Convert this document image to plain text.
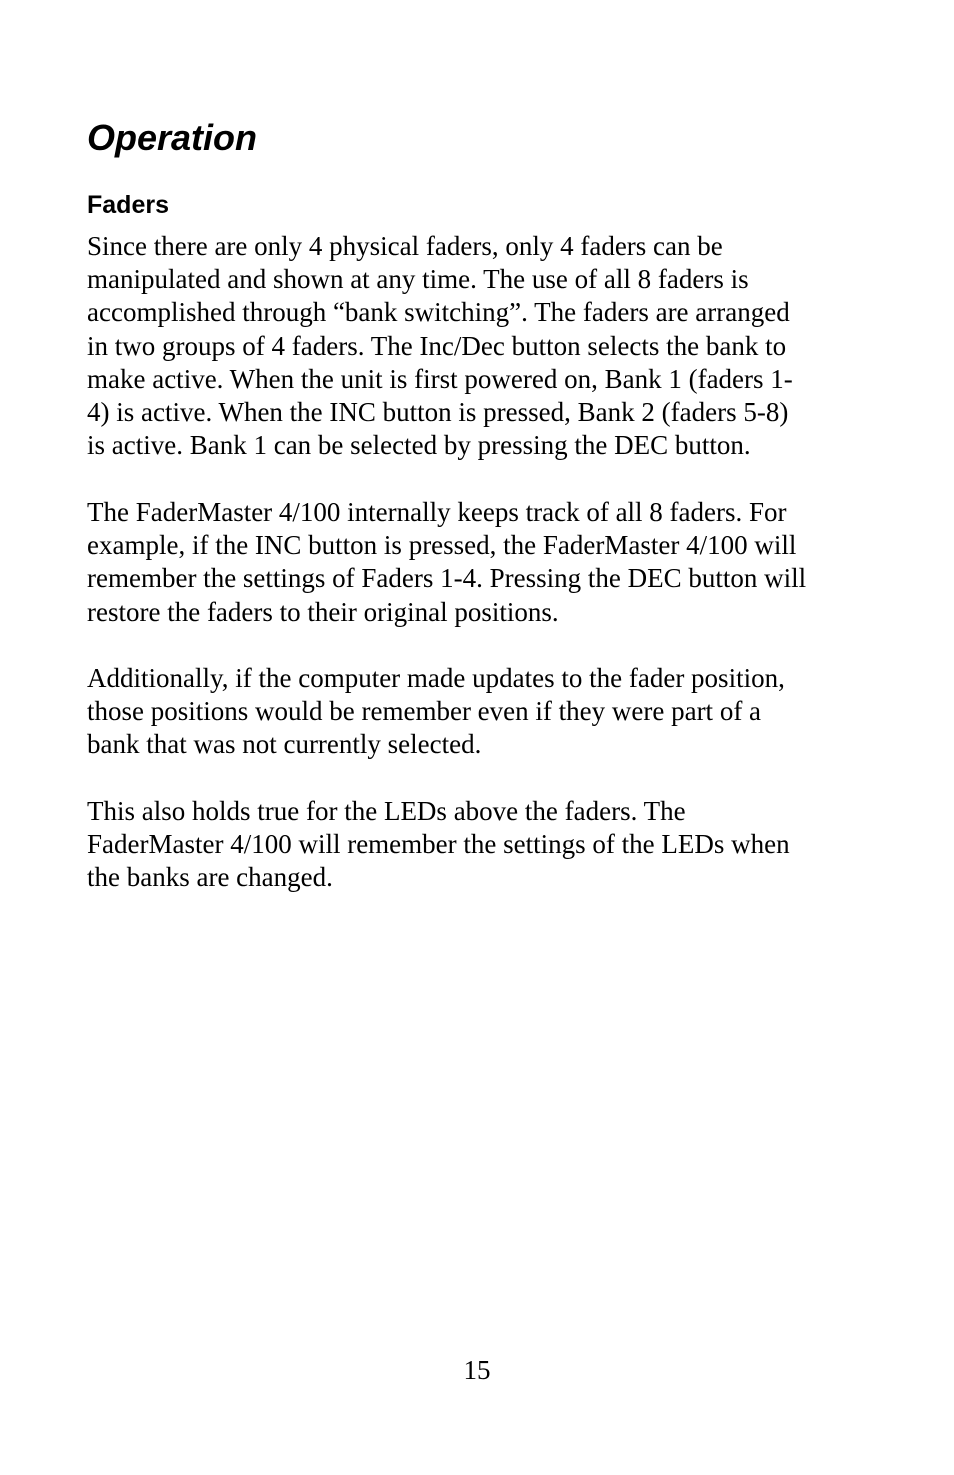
Operation
Faders

Since there are only 4 physical faders, only 4 faders can be
manipulated and shown at any time. The use of all 8 faders is
accomplished through “bank switching”. The faders are arranged
in two groups of 4 faders. The Inc/Dec button selects the bank to
make active. When the unit is first powered on, Bank 1 (faders 1-
4) is active. When the INC button is pressed, Bank 2 (faders 5-8)
is active. Bank 1 can be selected by pressing the DEC button.

The FaderMaster 4/100 internally keeps track of all 8 faders. For
example, if the INC button is pressed, the FaderMaster 4/100 will
remember the settings of Faders 1-4. Pressing the DEC button will
restore the faders to their original positions.

Additionally, if the computer made updates to the fader position,
those positions would be remember even if they were part of a
bank that was not currently selected.

This also holds true for the LEDs above the faders. The
FaderMaster 4/100 will remember the settings of the LEDs when
the banks are changed.

15
